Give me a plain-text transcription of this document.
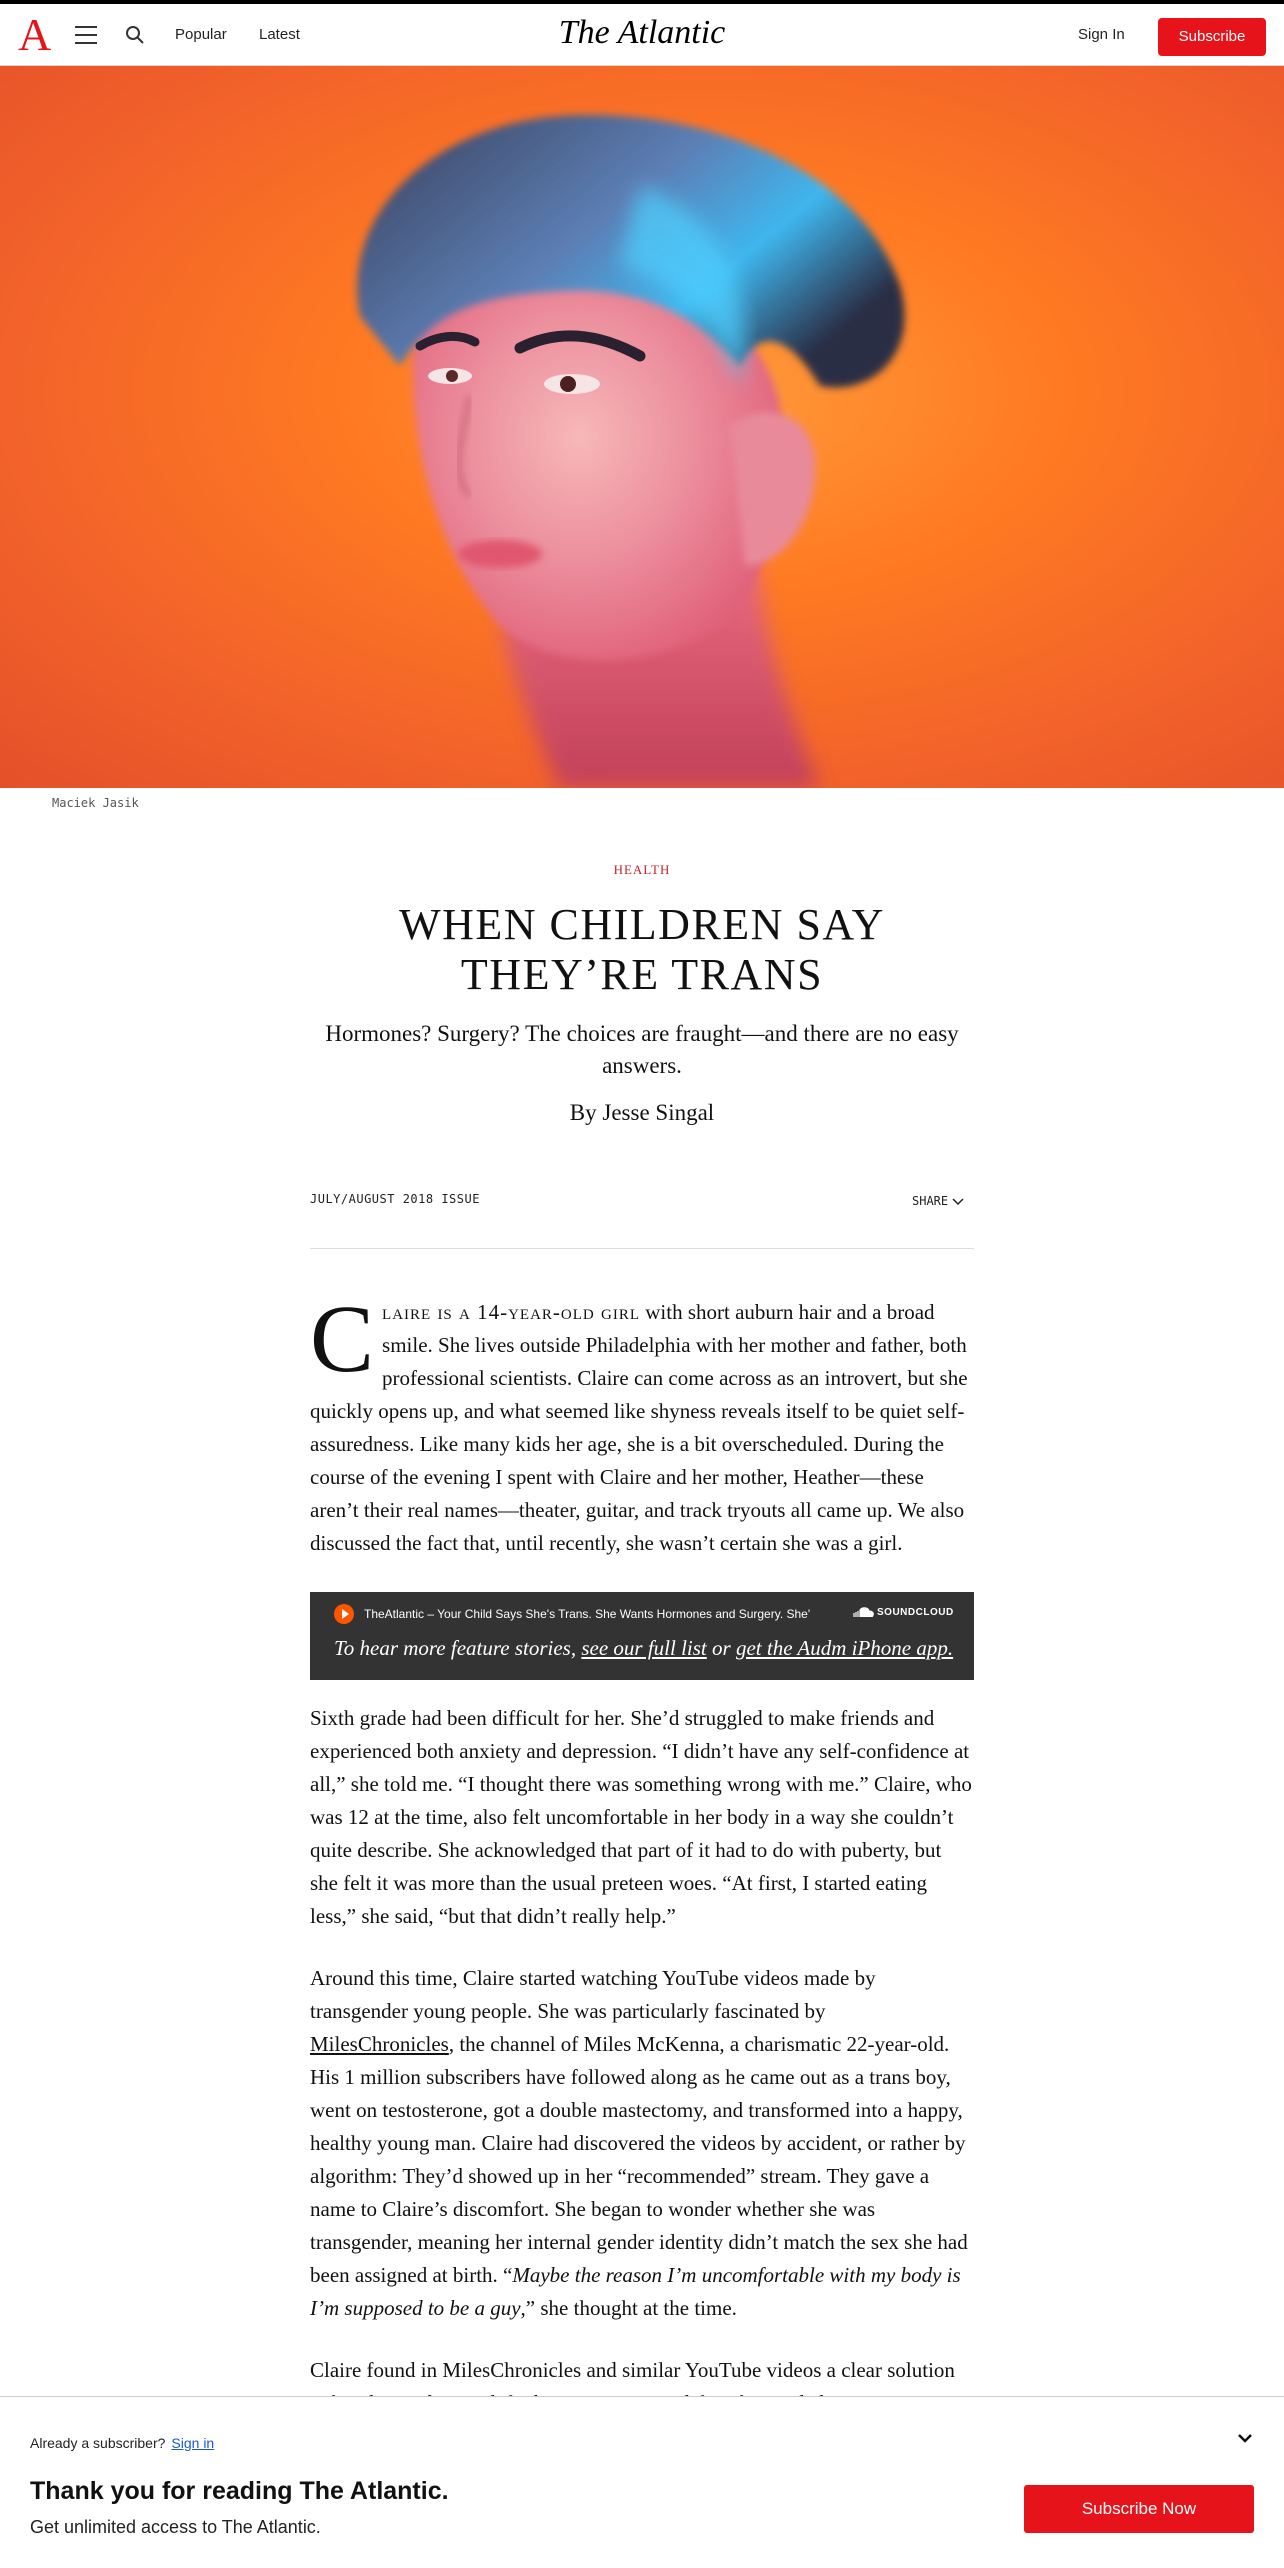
A	Popular Latest	The Atlantic	Sign In	Subscribe
Maciek Jasik
HEALTH
WHEN CHILDREN SAY
THEY’RE TRANS

Hormones? Surgery? The choices are fraught—and there are no easy answers.

By Jesse Singal

JULY/AUGUST 2018 ISSUE	SHARE

Claire is a 14-year-old girl with short auburn hair and a broad smile. She lives outside Philadelphia with her mother and father, both professional scientists. Claire can come across as an introvert, but she quickly opens up, and what seemed like shyness reveals itself to be quiet self-assuredness. Like many kids her age, she is a bit overscheduled. During the course of the evening I spent with Claire and her mother, Heather—these aren’t their real names—theater, guitar, and track tryouts all came up. We also discussed the fact that, until recently, she wasn’t certain she was a girl.

TheAtlantic – Your Child Says She's Trans. She Wants Hormones and Surgery. She'	SOUNDCLOUD
To hear more feature stories, see our full list or get the Audm iPhone app.

Sixth grade had been difficult for her. She’d struggled to make friends and experienced both anxiety and depression. “I didn’t have any self-confidence at all,” she told me. “I thought there was something wrong with me.” Claire, who was 12 at the time, also felt uncomfortable in her body in a way she couldn’t quite describe. She acknowledged that part of it had to do with puberty, but she felt it was more than the usual preteen woes. “At first, I started eating less,” she said, “but that didn’t really help.”

Around this time, Claire started watching YouTube videos made by transgender young people. She was particularly fascinated by MilesChronicles, the channel of Miles McKenna, a charismatic 22-year-old. His 1 million subscribers have followed along as he came out as a trans boy, went on testosterone, got a double mastectomy, and transformed into a happy, healthy young man. Claire had discovered the videos by accident, or rather by algorithm: They’d showed up in her “recommended” stream. They gave a name to Claire’s discomfort. She began to wonder whether she was transgender, meaning her internal gender identity didn’t match the sex she had been assigned at birth. “Maybe the reason I’m uncomfortable with my body is I’m supposed to be a guy,” she thought at the time.

Claire found in MilesChronicles and similar YouTube videos a clear solution

Already a subscriber? Sign in
Thank you for reading The Atlantic.
Get unlimited access to The Atlantic.
Subscribe Now
